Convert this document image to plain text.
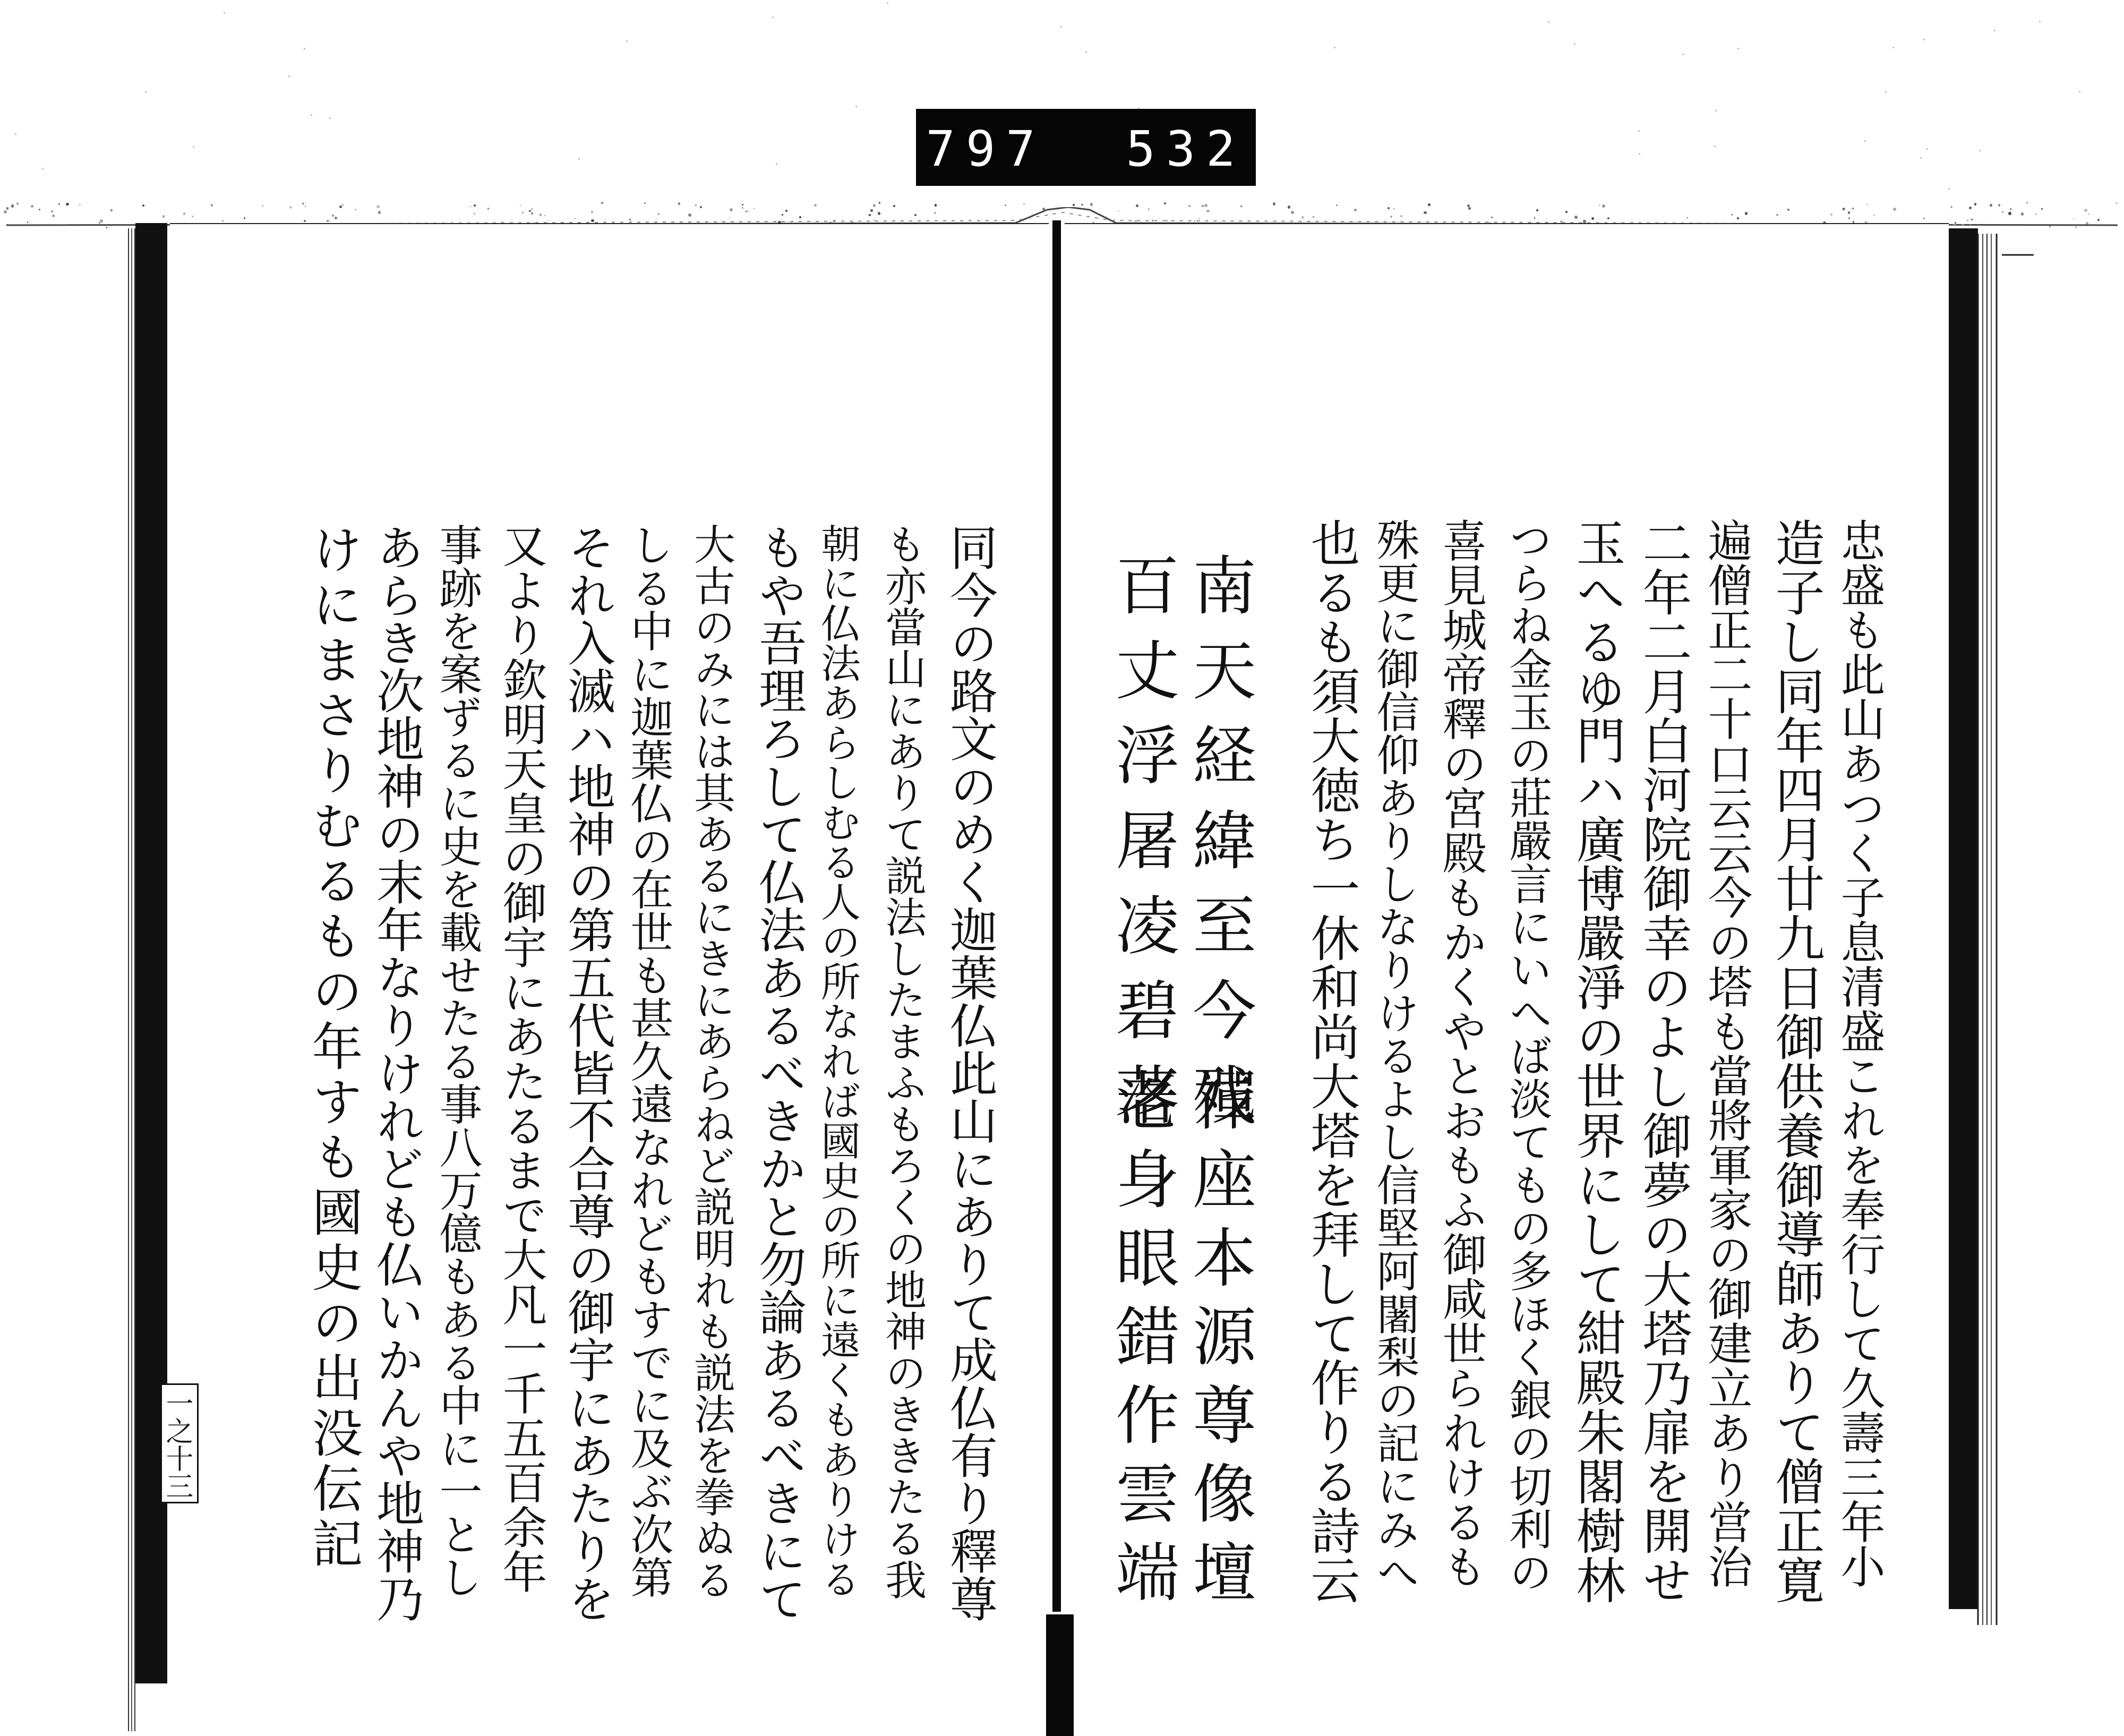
797  532
忠盛も此山あつく子息清盛これを奉行して久壽三年小
造子し同年四月廿九日御供養御導師ありて僧正寛
遍僧正二十口云云今の塔も當將軍家の御建立あり営治
二年二月白河院御幸のよし御夢の大塔乃扉を開せ
玉へるゆ門ハ廣博嚴淨の世界にして紺殿朱閣樹林
つらね金玉の莊嚴言にいへば淡てもの多ほく銀の切利の
喜見城帝釋の宮殿もかくやとおもふ御咸世られけるも
殊更に御信仰ありしなりけるよし信堅阿闍梨の記にみへ
也るも須大徳ち一休和尚大塔を拜して作りる詩云
南天経緯至今残
禪座本源尊像壇
百丈浮屠凌碧落
老身眼錯作雲端
同今の路文のめく迦葉仏此山にありて成仏有り釋尊
も亦當山にありて説法したまふもろくの地神のききたる我
朝に仏法あらしむる人の所なれば國史の所に遠くもありける
もや吾理ろして仏法あるべきかと勿論あるべきにて
大古のみには其あるにきにあらねど説明れも説法を拳ぬる
しる中に迦葉仏の在世も甚久遠なれどもすでに及ぶ次第
それ入滅ハ地神の第五代皆不合尊の御宇にあたりを
又より欽明天皇の御宇にあたるまで大凡一千五百余年
事跡を案ずるに史を載せたる事八万億もある中に一とし
あらき次地神の末年なりけれども仏いかんや地神乃
けにまさりむるもの年すも國史の出没伝記
一之十三
